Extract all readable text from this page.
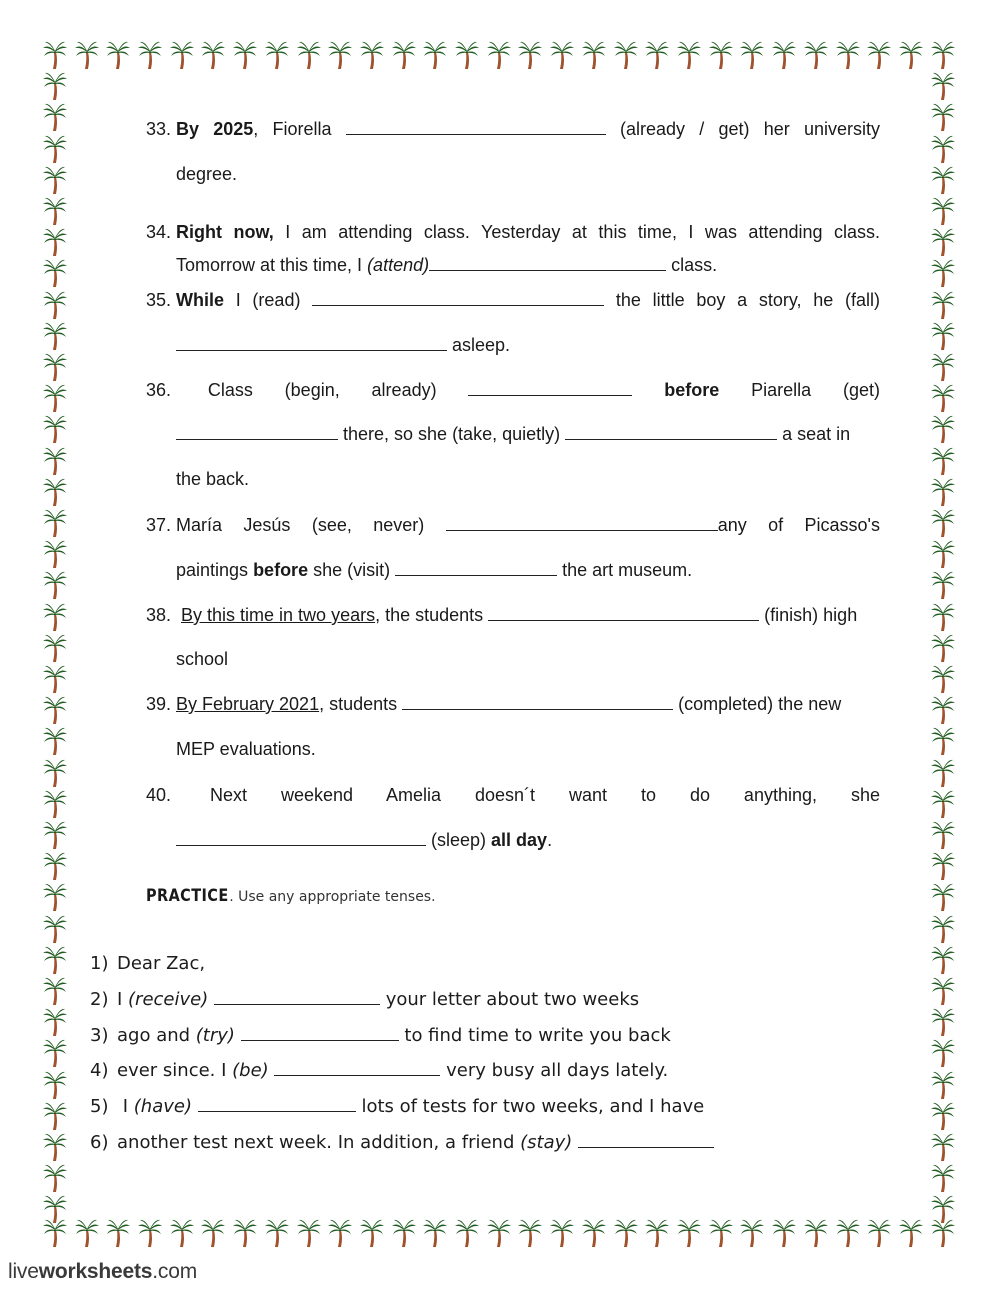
33. By 2025, Fiorella	(already / get) her university
degree.
34. Right now, I am attending class. Yesterday at this time, I was attending class.
Tomorrow at this time, I (attend)	class.
35. While I (read)	the little boy a story, he (fall)
asleep.
36. Class (begin, already)	before Piarella (get)
there, so she (take, quietly)	a seat in
the back.
37. María Jesús (see, never)	any of Picasso's
paintings before she (visit)	the art museum.
38. By this time in two years, the students	(finish) high
school
39. By February 2021, students	(completed) the new
MEP evaluations.
40. Next weekend Amelia doesn´t want to do anything, she
(sleep) all day.
PRACTICE. Use any appropriate tenses.
1) Dear Zac,
2) I (receive)	your letter about two weeks
3) ago and (try)	to find time to write you back
4) ever since. I (be)	very busy all days lately.
5) I (have)	lots of tests for two weeks, and I have
6) another test next week. In addition, a friend (stay)
liveworksheets.com
